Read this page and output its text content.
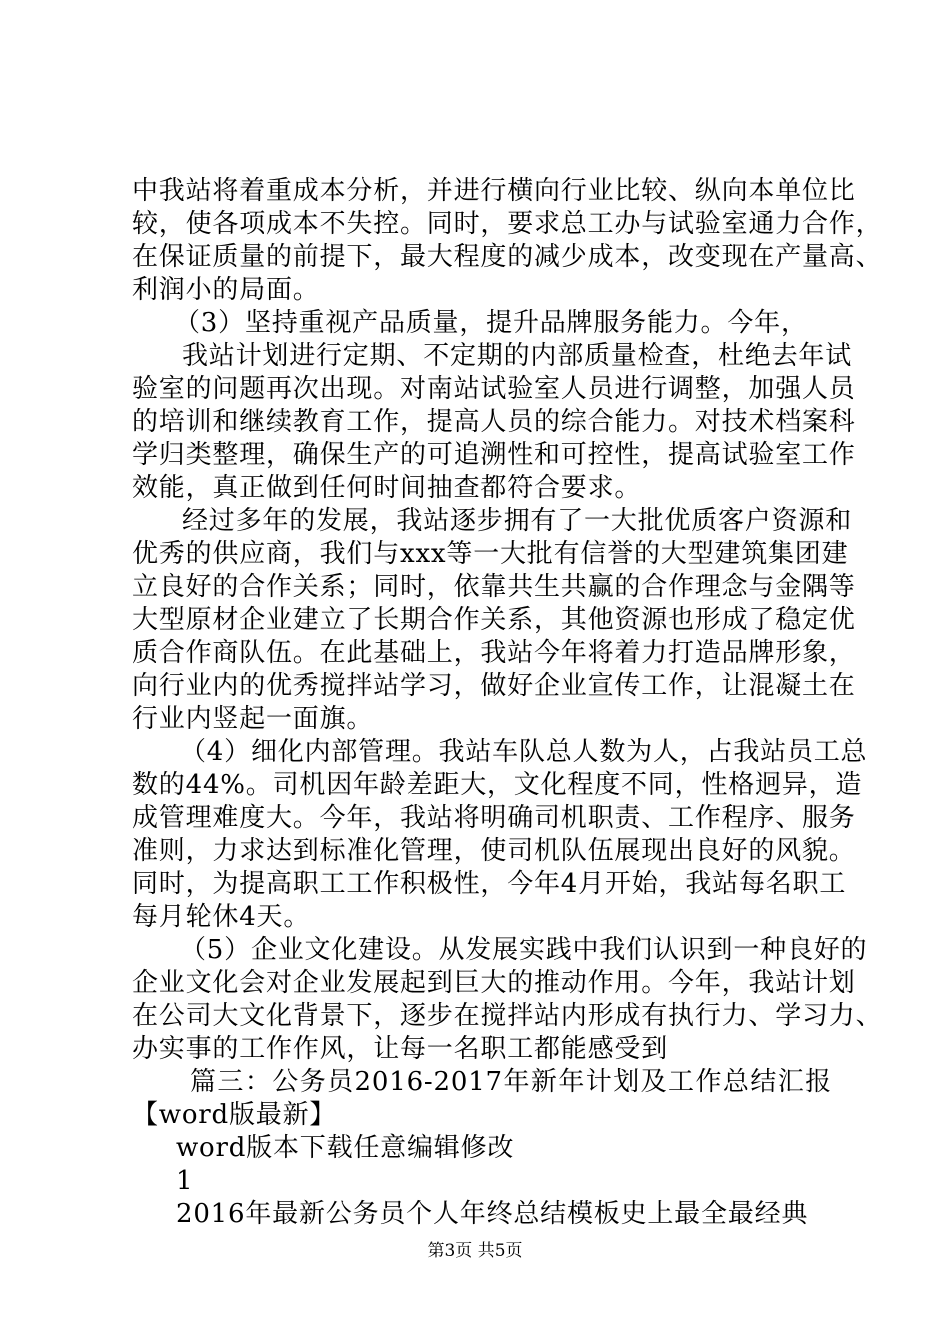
中我站将着重成本分析，并进行横向行业比较、纵向本单位比
较，使各项成本不失控。同时，要求总工办与试验室通力合作，
在保证质量的前提下，最大程度的减少成本，改变现在产量高、
利润小的局面。
（3）坚持重视产品质量，提升品牌服务能力。今年，
我站计划进行定期、不定期的内部质量检查，杜绝去年试
验室的问题再次出现。对南站试验室人员进行调整，加强人员
的培训和继续教育工作，提高人员的综合能力。对技术档案科
学归类整理，确保生产的可追溯性和可控性，提高试验室工作
效能，真正做到任何时间抽查都符合要求。
经过多年的发展，我站逐步拥有了一大批优质客户资源和
优秀的供应商，我们与xxx等一大批有信誉的大型建筑集团建
立良好的合作关系；同时，依靠共生共赢的合作理念与金隅等
大型原材企业建立了长期合作关系，其他资源也形成了稳定优
质合作商队伍。在此基础上，我站今年将着力打造品牌形象，
向行业内的优秀搅拌站学习，做好企业宣传工作，让混凝土在
行业内竖起一面旗。
（4）细化内部管理。我站车队总人数为人，占我站员工总
数的44%。司机因年龄差距大，文化程度不同，性格迥异，造
成管理难度大。今年，我站将明确司机职责、工作程序、服务
准则，力求达到标准化管理，使司机队伍展现出良好的风貌。
同时，为提高职工工作积极性，今年4月开始，我站每名职工
每月轮休4天。
（5）企业文化建设。从发展实践中我们认识到一种良好的
企业文化会对企业发展起到巨大的推动作用。今年，我站计划
在公司大文化背景下，逐步在搅拌站内形成有执行力、学习力、
办实事的工作作风，让每一名职工都能感受到
篇三：公务员2016-2017年新年计划及工作总结汇报
【word版最新】
word版本下载任意编辑修改
1
2016年最新公务员个人年终总结模板史上最全最经典
第3页 共5页
